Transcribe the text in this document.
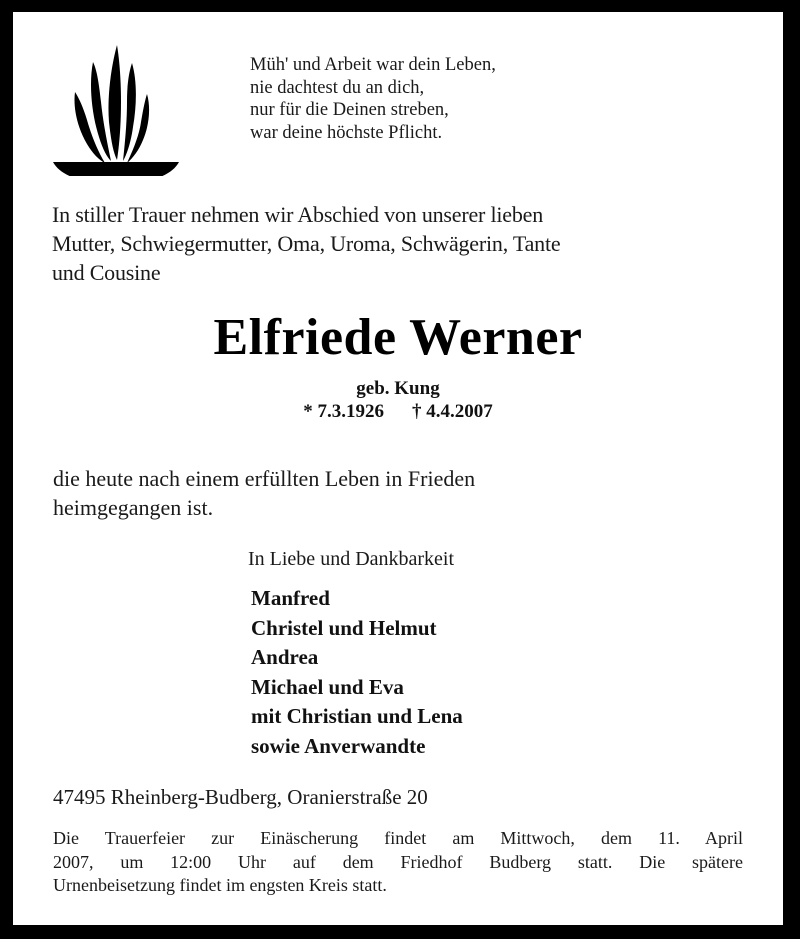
Müh' und Arbeit war dein Leben,
nie dachtest du an dich,
nur für die Deinen streben,
war deine höchste Pflicht.
In stiller Trauer nehmen wir Abschied von unserer lieben
Mutter, Schwiegermutter, Oma, Uroma, Schwägerin, Tante
und Cousine
Elfriede Werner
geb. Kung
* 7.3.1926 † 4.4.2007
die heute nach einem erfüllten Leben in Frieden
heimgegangen ist.
In Liebe und Dankbarkeit
Manfred
Christel und Helmut
Andrea
Michael und Eva
mit Christian und Lena
sowie Anverwandte
47495 Rheinberg-Budberg, Oranierstraße 20
Die Trauerfeier zur Einäscherung findet am Mittwoch, dem 11. April
2007, um 12:00 Uhr auf dem Friedhof Budberg statt. Die spätere
Urnenbeisetzung findet im engsten Kreis statt.
